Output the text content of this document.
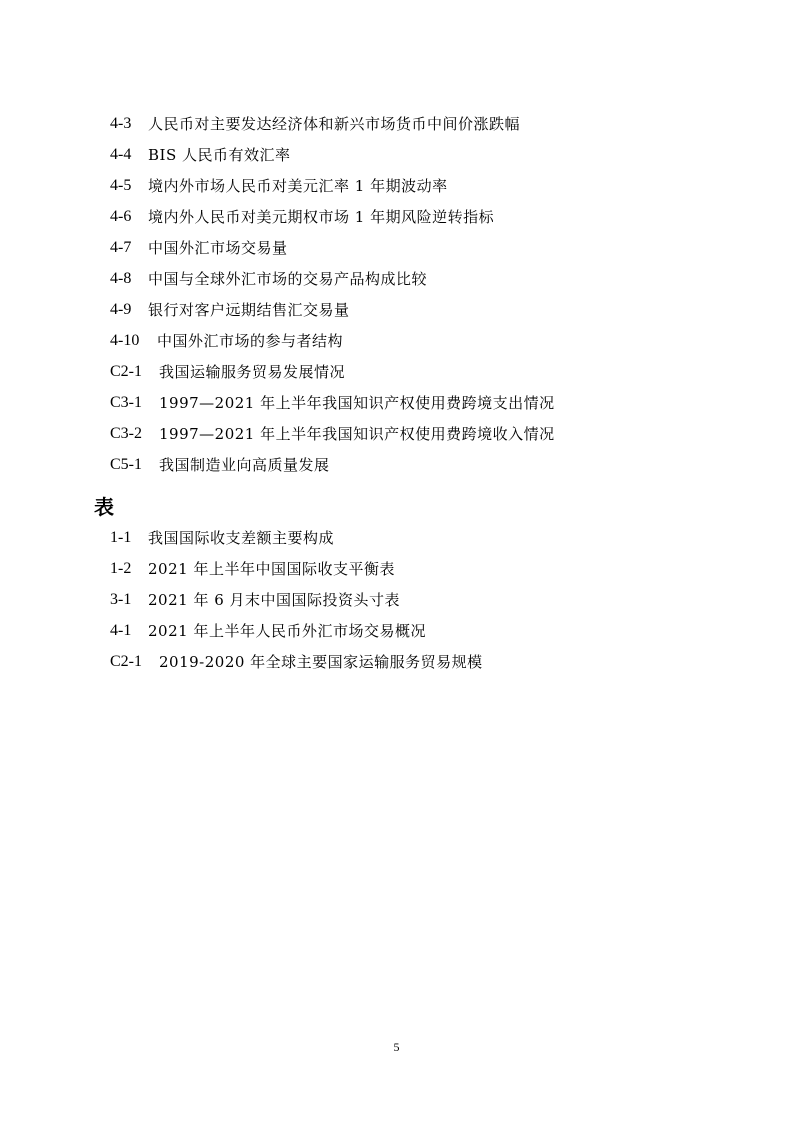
4-3	人民币对主要发达经济体和新兴市场货币中间价涨跌幅
4-4	BIS 人民币有效汇率
4-5	境内外市场人民币对美元汇率 1 年期波动率
4-6	境内外人民币对美元期权市场 1 年期风险逆转指标
4-7	中国外汇市场交易量
4-8	中国与全球外汇市场的交易产品构成比较
4-9	银行对客户远期结售汇交易量
4-10	中国外汇市场的参与者结构
C2-1	我国运输服务贸易发展情况
C3-1	1997—2021 年上半年我国知识产权使用费跨境支出情况
C3-2	1997—2021 年上半年我国知识产权使用费跨境收入情况
C5-1	我国制造业向高质量发展
表
1-1	我国国际收支差额主要构成
1-2	2021 年上半年中国国际收支平衡表
3-1	2021 年 6 月末中国国际投资头寸表
4-1	2021 年上半年人民币外汇市场交易概况
C2-1	2019-2020 年全球主要国家运输服务贸易规模
5
